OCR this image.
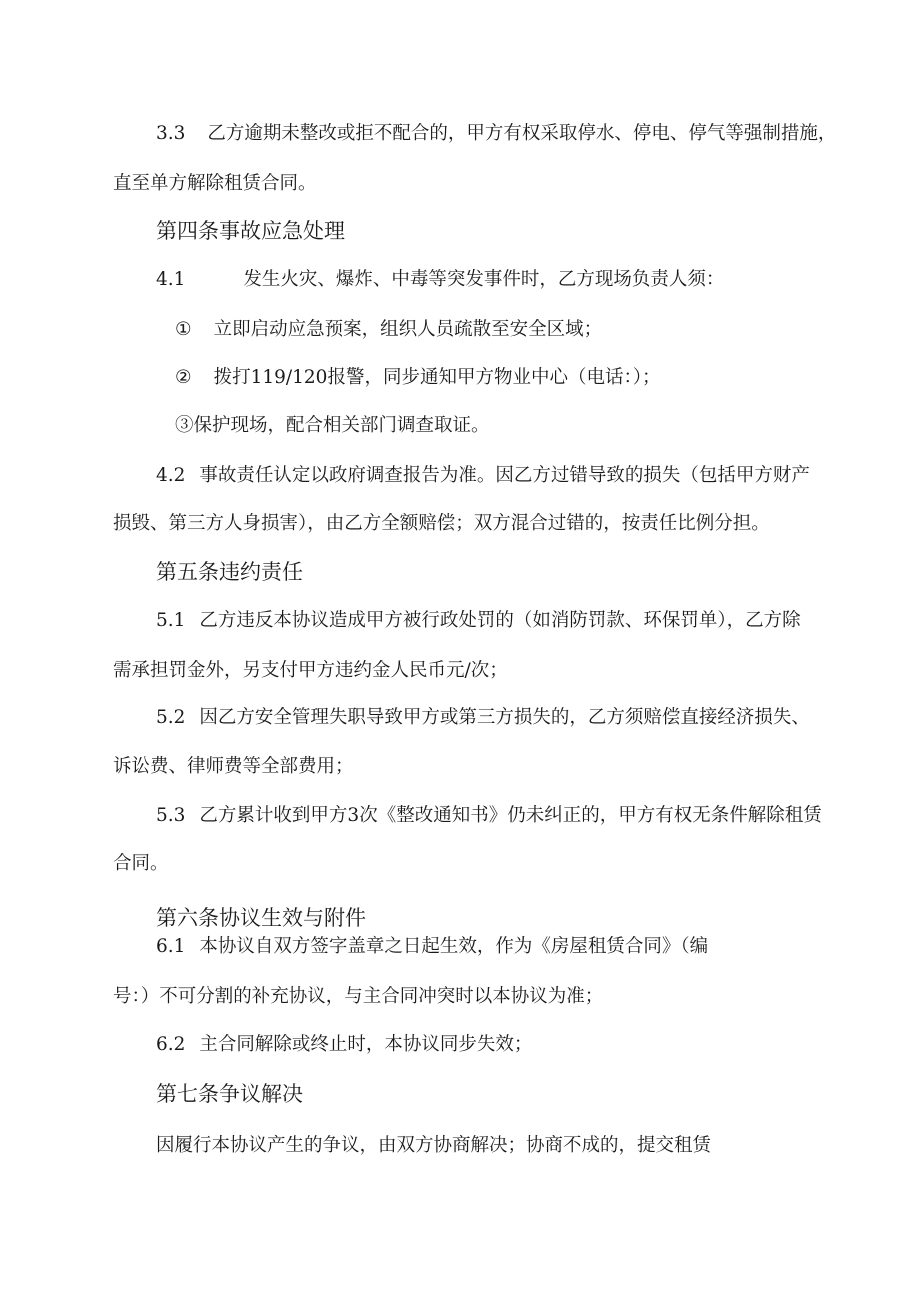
3.3 乙方逾期未整改或拒不配合的，甲方有权采取停水、停电、停气等强制措施，
直至单方解除租赁合同。
第四条事故应急处理
4.1	发生火灾、爆炸、中毒等突发事件时，乙方现场负责人须：
① 立即启动应急预案，组织人员疏散至安全区域；
② 拨打119/120报警，同步通知甲方物业中心（电话：）；
③保护现场，配合相关部门调查取证。
4.2 事故责任认定以政府调查报告为准。因乙方过错导致的损失（包括甲方财产
损毁、第三方人身损害），由乙方全额赔偿；双方混合过错的，按责任比例分担。
第五条违约责任
5.1 乙方违反本协议造成甲方被行政处罚的（如消防罚款、环保罚单），乙方除
需承担罚金外，另支付甲方违约金人民币元/次；
5.2 因乙方安全管理失职导致甲方或第三方损失的，乙方须赔偿直接经济损失、
诉讼费、律师费等全部费用；
5.3 乙方累计收到甲方3次《整改通知书》仍未纠正的，甲方有权无条件解除租赁
合同。
第六条协议生效与附件
6.1 本协议自双方签字盖章之日起生效，作为《房屋租赁合同》（编
号：）不可分割的补充协议，与主合同冲突时以本协议为准；
6.2 主合同解除或终止时，本协议同步失效；
第七条争议解决
因履行本协议产生的争议，由双方协商解决；协商不成的，提交租赁
